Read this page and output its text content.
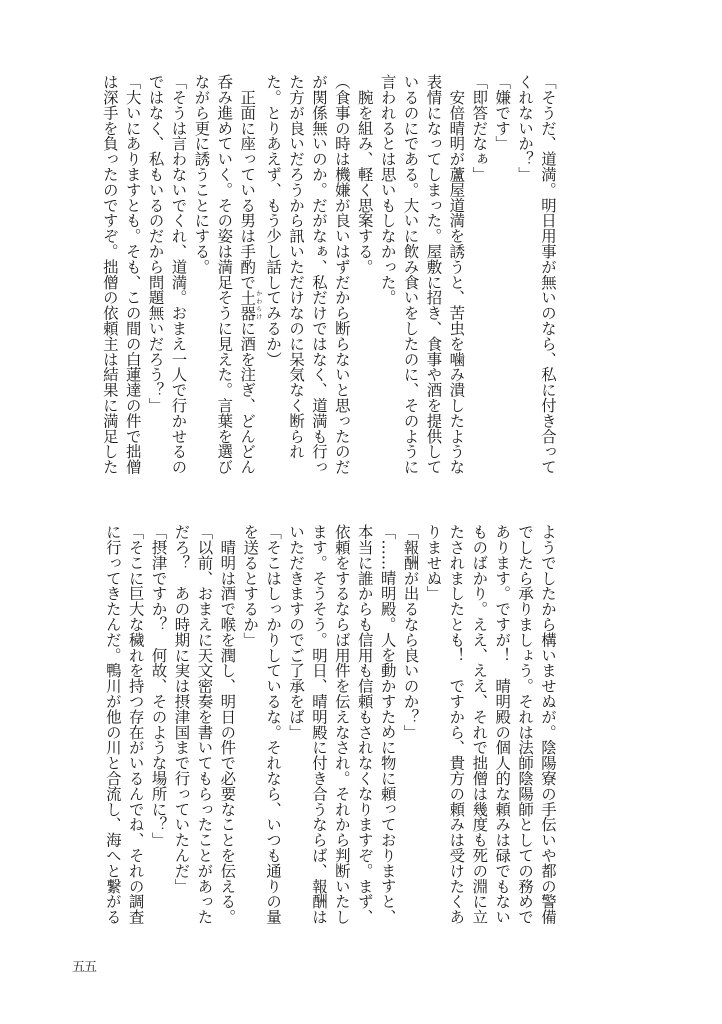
「そうだ、道満。明日用事が無いのなら、私に付き合って
くれないか？」
「嫌です」
「即答だなぁ」
　安倍晴明が蘆屋道満を誘うと、苦虫を噛み潰したような
表情になってしまった。屋敷に招き、食事や酒を提供して
いるのにである。大いに飲み食いをしたのに、そのように
言われるとは思いもしなかった。
　腕を組み、軽く思案する。
（食事の時は機嫌が良いはずだから断らないと思ったのだ
が関係無いのか。だがなぁ、私だけではなく、道満も行っ
た方が良いだろうから訊いただけなのに呆気なく断られ
た。とりあえず、もう少し話してみるか）
　正面に座っている男は手酌で土器かわらけに酒を注ぎ、どんどん
呑み進めていく。その姿は満足そうに見えた。言葉を選び
ながら更に誘うことにする。
「そうは言わないでくれ、道満。おまえ一人で行かせるの
ではなく、私もいるのだから問題無いだろう？」
「大いにありますとも。そも、この間の白蓮達の件で拙僧
は深手を負ったのですぞ。拙僧の依頼主は結果に満足した
ようでしたから構いませぬが。陰陽寮の手伝いや都の警備
でしたら承りましょう。それは法師陰陽師としての務めで
あります。ですが！　晴明殿の個人的な頼みは碌でもない
ものばかり。ええ、ええ、それで拙僧は幾度も死の淵に立
たされましたとも！　ですから、貴方の頼みは受けたくあ
りませぬ」
「報酬が出るなら良いのか？」
「……晴明殿。人を動かすために物に頼っておりますと、
本当に誰からも信用も信頼もされなくなりますぞ。まず、
依頼をするならば用件を伝えなされ。それから判断いたし
ます。そうそう。明日、晴明殿に付き合うならば、報酬は
いただきますのでご了承をば」
「そこはしっかりしているな。それなら、いつも通りの量
を送るとするか」
　晴明は酒で喉を潤し、明日の件で必要なことを伝える。
「以前、おまえに天文密奏を書いてもらったことがあった
だろ？　あの時期に実は摂津国まで行っていたんだ」
「摂津ですか？　何故、そのような場所に？」
「そこに巨大な穢れを持つ存在がいるんでね、それの調査
に行ってきたんだ。鴨川が他の川と合流し、海へと繋がる
五五
